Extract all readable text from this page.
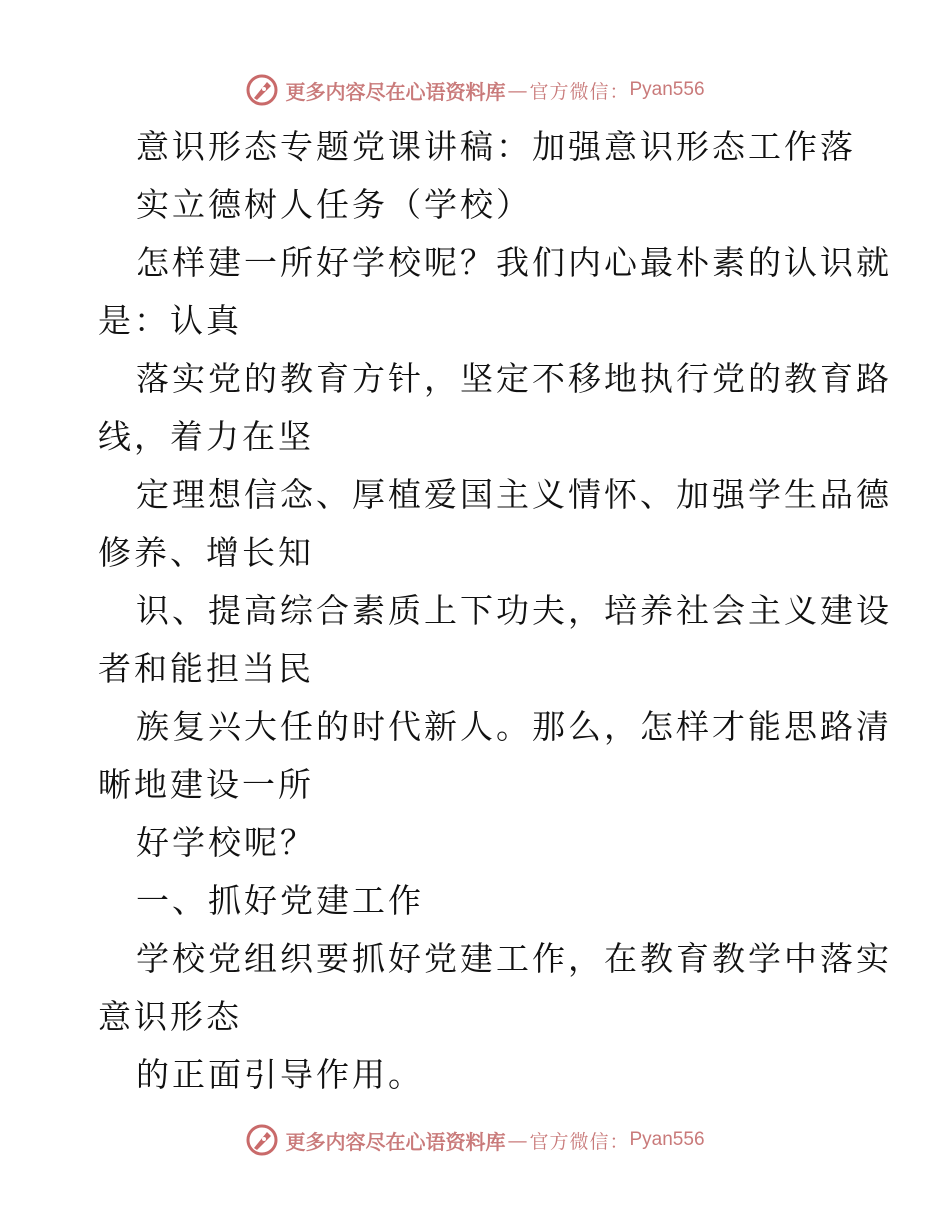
更多内容尽在心语资料库 — 官方微信： Pyan556
意识形态专题党课讲稿：加强意识形态工作落
实立德树人任务（学校）
怎样建一所好学校呢？我们内心最朴素的认识就
是：认真
落实党的教育方针，坚定不移地执行党的教育路
线，着力在坚
定理想信念、厚植爱国主义情怀、加强学生品德
修养、增长知
识、提高综合素质上下功夫，培养社会主义建设
者和能担当民
族复兴大任的时代新人。那么，怎样才能思路清
晰地建设一所
好学校呢？
一、抓好党建工作
学校党组织要抓好党建工作，在教育教学中落实
意识形态
的正面引导作用。
更多内容尽在心语资料库 — 官方微信： Pyan556
